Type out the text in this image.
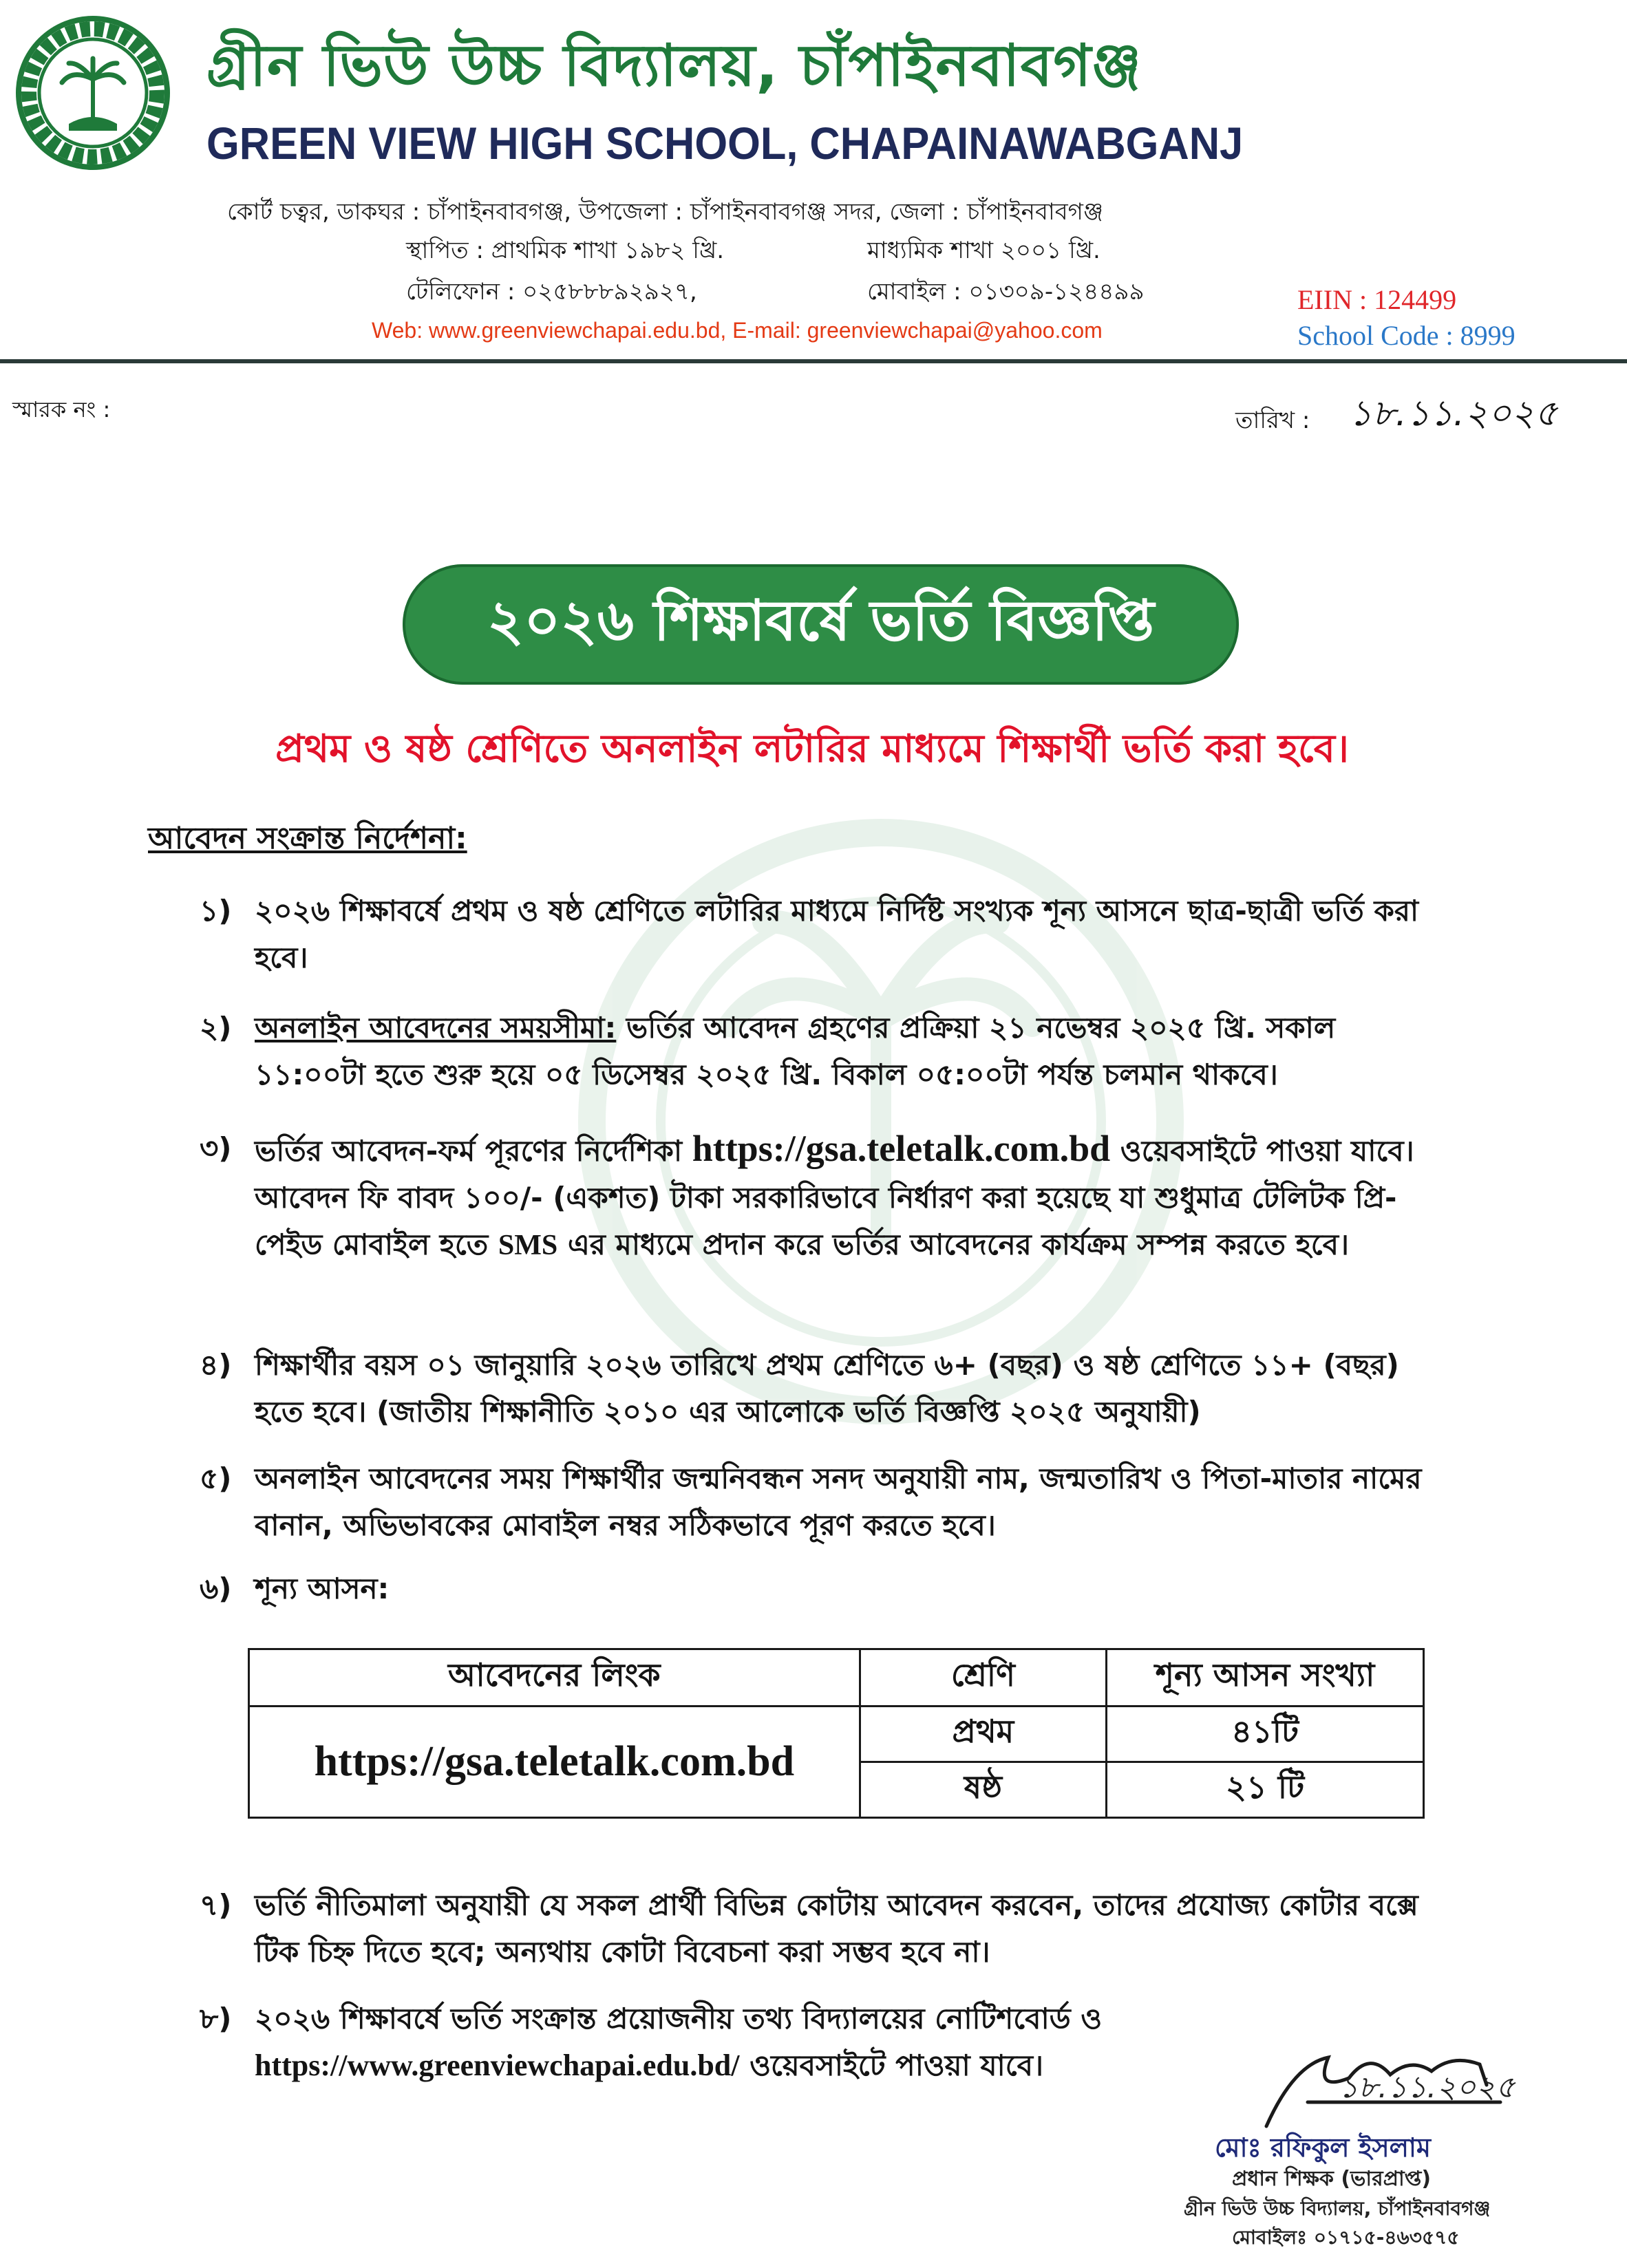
গ্রীন ভিউ উচ্চ বিদ্যালয়, চাঁপাইনবাবগঞ্জ
GREEN VIEW HIGH SCHOOL, CHAPAINAWABGANJ
কোর্ট চত্বর, ডাকঘর : চাঁপাইনবাবগঞ্জ, উপজেলা : চাঁপাইনবাবগঞ্জ সদর, জেলা : চাঁপাইনবাবগঞ্জ
স্থাপিত : প্রাথমিক শাখা ১৯৮২ খ্রি.	মাধ্যমিক শাখা ২০০১ খ্রি.
টেলিফোন : ০২৫৮৮৮৯২৯২৭,	মোবাইল : ০১৩০৯-১২৪৪৯৯
Web: www.greenviewchapai.edu.bd, E-mail: greenviewchapai@yahoo.com
EIIN : 124499
School Code : 8999
স্মারক নং :	তারিখ : ১৮.১১.২০২৫
২০২৬ শিক্ষাবর্ষে ভর্তি বিজ্ঞপ্তি
প্রথম ও ষষ্ঠ শ্রেণিতে অনলাইন লটারির মাধ্যমে শিক্ষার্থী ভর্তি করা হবে।
আবেদন সংক্রান্ত নির্দেশনা:
১) ২০২৬ শিক্ষাবর্ষে প্রথম ও ষষ্ঠ শ্রেণিতে লটারির মাধ্যমে নির্দিষ্ট সংখ্যক শূন্য আসনে ছাত্র-ছাত্রী ভর্তি করা হবে।
২) অনলাইন আবেদনের সময়সীমা: ভর্তির আবেদন গ্রহণের প্রক্রিয়া ২১ নভেম্বর ২০২৫ খ্রি. সকাল ১১:০০টা হতে শুরু হয়ে ০৫ ডিসেম্বর ২০২৫ খ্রি. বিকাল ০৫:০০টা পর্যন্ত চলমান থাকবে।
৩) ভর্তির আবেদন-ফর্ম পূরণের নির্দেশিকা https://gsa.teletalk.com.bd ওয়েবসাইটে পাওয়া যাবে। আবেদন ফি বাবদ ১০০/- (একশত) টাকা সরকারিভাবে নির্ধারণ করা হয়েছে যা শুধুমাত্র টেলিটক প্রি-পেইড মোবাইল হতে SMS এর মাধ্যমে প্রদান করে ভর্তির আবেদনের কার্যক্রম সম্পন্ন করতে হবে।
৪) শিক্ষার্থীর বয়স ০১ জানুয়ারি ২০২৬ তারিখে প্রথম শ্রেণিতে ৬+ (বছর) ও ষষ্ঠ শ্রেণিতে ১১+ (বছর) হতে হবে। (জাতীয় শিক্ষানীতি ২০১০ এর আলোকে ভর্তি বিজ্ঞপ্তি ২০২৫ অনুযায়ী)
৫) অনলাইন আবেদনের সময় শিক্ষার্থীর জন্মনিবন্ধন সনদ অনুযায়ী নাম, জন্মতারিখ ও পিতা-মাতার নামের বানান, অভিভাবকের মোবাইল নম্বর সঠিকভাবে পূরণ করতে হবে।
৬) শূন্য আসন:
আবেদনের লিংক	শ্রেণি	শূন্য আসন সংখ্যা
https://gsa.teletalk.com.bd	প্রথম	৪১টি
	ষষ্ঠ	২১ টি
৭) ভর্তি নীতিমালা অনুযায়ী যে সকল প্রার্থী বিভিন্ন কোটায় আবেদন করবেন, তাদের প্রযোজ্য কোটার বক্সে টিক চিহ্ন দিতে হবে; অন্যথায় কোটা বিবেচনা করা সম্ভব হবে না।
৮) ২০২৬ শিক্ষাবর্ষে ভর্তি সংক্রান্ত প্রয়োজনীয় তথ্য বিদ্যালয়ের নোটিশবোর্ড ও
https://www.greenviewchapai.edu.bd/ ওয়েবসাইটে পাওয়া যাবে।
১৮.১১.২০২৫
মোঃ রফিকুল ইসলাম
প্রধান শিক্ষক (ভারপ্রাপ্ত)
গ্রীন ভিউ উচ্চ বিদ্যালয়, চাঁপাইনবাবগঞ্জ
মোবাইলঃ ০১৭১৫-৪৬৩৫৭৫
